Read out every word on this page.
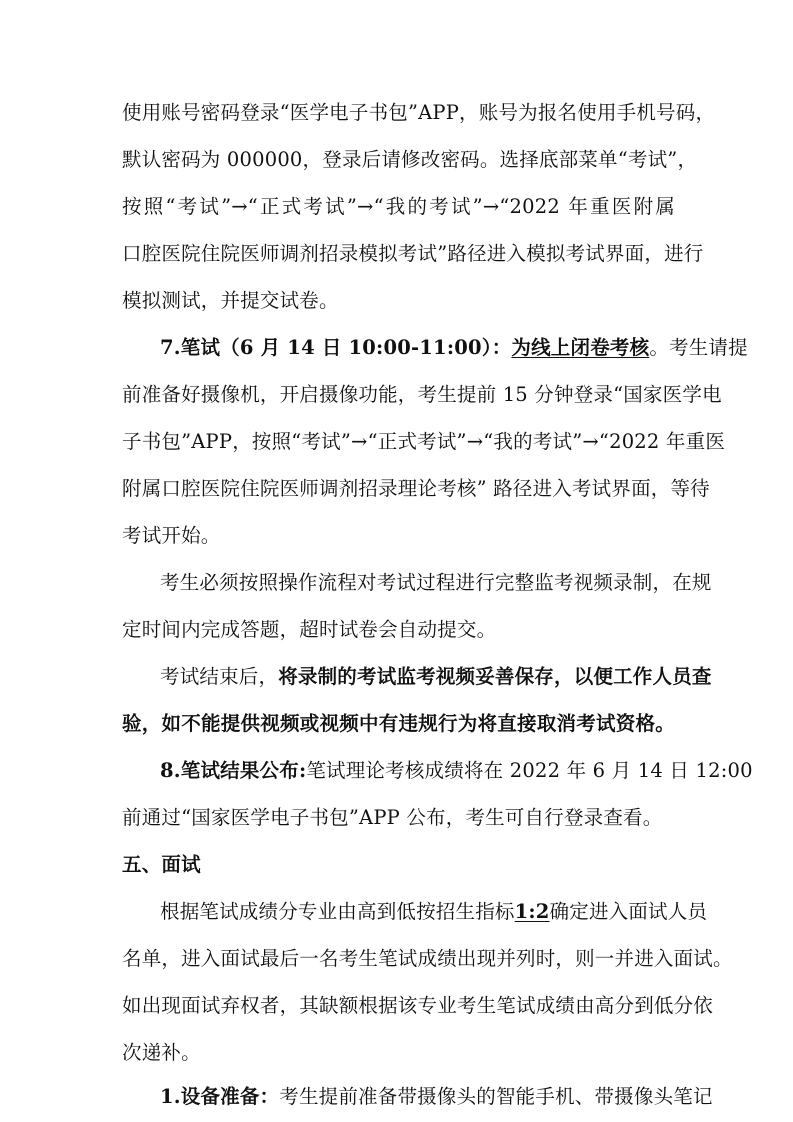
使用账号密码登录“医学电子书包”APP，账号为报名使用手机号码，
默认密码为 000000，登录后请修改密码。选择底部菜单“考试”，
按照“考试”→“正式考试”→“我的考试”→“2022 年重医附属
口腔医院住院医师调剂招录模拟考试”路径进入模拟考试界面，进行
模拟测试，并提交试卷。
7.笔试（6 月 14 日 10:00-11:00）：为线上闭卷考核。考生请提
前准备好摄像机，开启摄像功能，考生提前 15 分钟登录“国家医学电
子书包”APP，按照“考试”→“正式考试”→“我的考试”→“2022 年重医
附属口腔医院住院医师调剂招录理论考核” 路径进入考试界面，等待
考试开始。
考生必须按照操作流程对考试过程进行完整监考视频录制，在规
定时间内完成答题，超时试卷会自动提交。
考试结束后，将录制的考试监考视频妥善保存，以便工作人员查
验，如不能提供视频或视频中有违规行为将直接取消考试资格。
8.笔试结果公布:笔试理论考核成绩将在 2022 年 6 月 14 日 12:00
前通过“国家医学电子书包”APP 公布，考生可自行登录查看。
五、面试
根据笔试成绩分专业由高到低按招生指标1:2确定进入面试人员
名单，进入面试最后一名考生笔试成绩出现并列时，则一并进入面试。
如出现面试弃权者，其缺额根据该专业考生笔试成绩由高分到低分依
次递补。
1.设备准备：考生提前准备带摄像头的智能手机、带摄像头笔记
